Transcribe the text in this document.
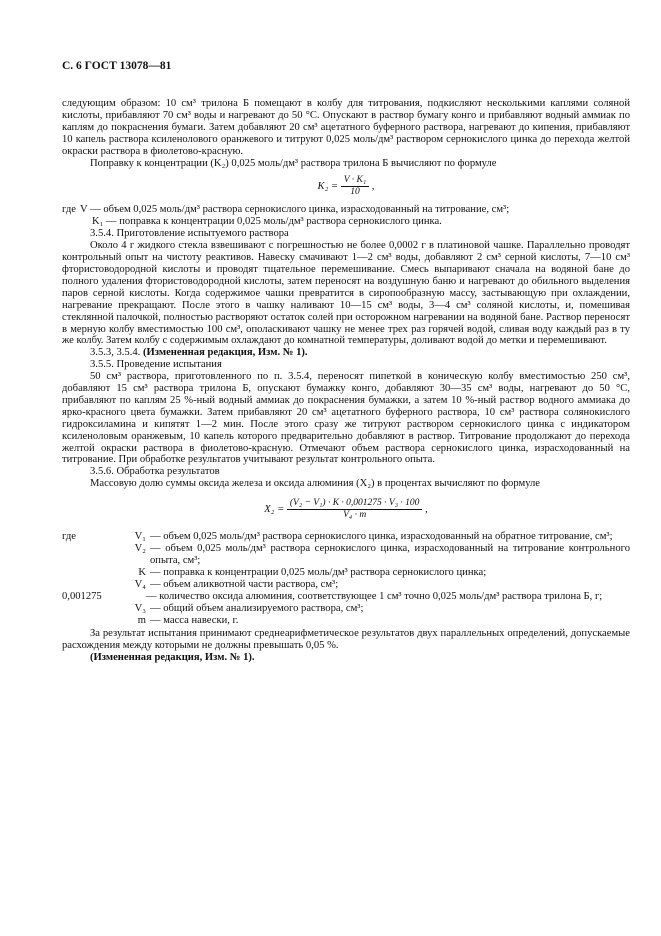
С. 6 ГОСТ 13078—81

следующим образом: 10 см³ трилона Б помещают в колбу для титрования, подкисляют несколькими каплями соляной кислоты, прибавляют 70 см³ воды и нагревают до 50 °С. Опускают в раствор бумагу конго и прибавляют водный аммиак по каплям до покраснения бумаги. Затем добавляют 20 см³ ацетатного буферного раствора, нагревают до кипения, прибавляют 10 капель раствора ксиленолового оранжевого и титруют 0,025 моль/дм³ раствором сернокислого цинка до перехода желтой окраски раствора в фиолетово-красную.

Поправку к концентрации (K₂) 0,025 моль/дм³ раствора трилона Б вычисляют по формуле

$K_2 = \frac{\text{V · K₁}}{10}$ ,
где V — объем 0,025 моль/дм³ раствора сернокислого цинка, израсходованный на титрование, см³;

K₁ — поправка к концентрации 0,025 моль/дм³ раствора сернокислого цинка.

3.5.4. Приготовление испытуемого раствора

Около 4 г жидкого стекла взвешивают с погрешностью не более 0,0002 г в платиновой чашке. Параллельно проводят контрольный опыт на чистоту реактивов. Навеску смачивают 1—2 см³ воды, добавляют 2 см³ серной кислоты, 7—10 см³ фтористоводородной кислоты и проводят тщательное перемешивание. Смесь выпаривают сначала на водяной бане до полного удаления фтористоводородной кислоты, затем переносят на воздушную баню и нагревают до обильного выделения паров серной кислоты. Когда содержимое чашки превратится в сиропообразную массу, застывающую при охлаждении, нагревание прекращают. После этого в чашку наливают 10—15 см³ воды, 3—4 см³ соляной кислоты, и, помешивая стеклянной палочкой, полностью растворяют остаток солей при осторожном нагревании на водяной бане. Раствор переносят в мерную колбу вместимостью 100 см³, ополаскивают чашку не менее трех раз горячей водой, сливая воду каждый раз в ту же колбу. Затем колбу с содержимым охлаждают до комнатной температуры, доливают водой до метки и перемешивают.

3.5.3, 3.5.4. (Измененная редакция, Изм. № 1).

3.5.5. Проведение испытания

50 см³ раствора, приготовленного по п. 3.5.4, переносят пипеткой в коническую колбу вместимостью 250 см³, добавляют 15 см³ раствора трилона Б, опускают бумажку конго, добавляют 30—35 см³ воды, нагревают до 50 °С, прибавляют по каплям 25 %-ный водный аммиак до покраснения бумажки, а затем 10 %-ный раствор водного аммиака до ярко-красного цвета бумажки. Затем прибавляют 20 см³ ацетатного буферного раствора, 10 см³ раствора солянокислого гидроксиламина и кипятят 1—2 мин. После этого сразу же титруют раствором сернокислого цинка с индикатором ксиленоловым оранжевым, 10 капель которого предварительно добавляют в раствор. Титрование продолжают до перехода желтой окраски раствора в фиолетово-красную. Отмечают объем раствора сернокислого цинка, израсходованный на титрование. При обработке результатов учитывают результат контрольного опыта.

3.5.6. Обработка результатов

Массовую долю суммы оксида железа и оксида алюминия (X₂) в процентах вычисляют по формуле

$X_2 = \frac{\text{(V₂ − V₁) · K · 0,001275 · V₃ · 100}}{\text{V₄ · m}}$ ,
где	V₁ — объем 0,025 моль/дм³ раствора сернокислого цинка, израсходованный на обратное титрование, см³;
V₂ — объем 0,025 моль/дм³ раствора сернокислого цинка, израсходованный на титрование контрольного опыта, см³;
K — поправка к концентрации 0,025 моль/дм³ раствора сернокислого цинка;
V₄ — объем аликвотной части раствора, см³;
0,001275	— количество оксида алюминия, соответствующее 1 см³ точно 0,025 моль/дм³ раствора трилона Б, г;
V₃ — общий объем анализируемого раствора, см³;
m — масса навески, г.

За результат испытания принимают среднеарифметическое результатов двух параллельных определений, допускаемые расхождения между которыми не должны превышать 0,05 %.

(Измененная редакция, Изм. № 1).
